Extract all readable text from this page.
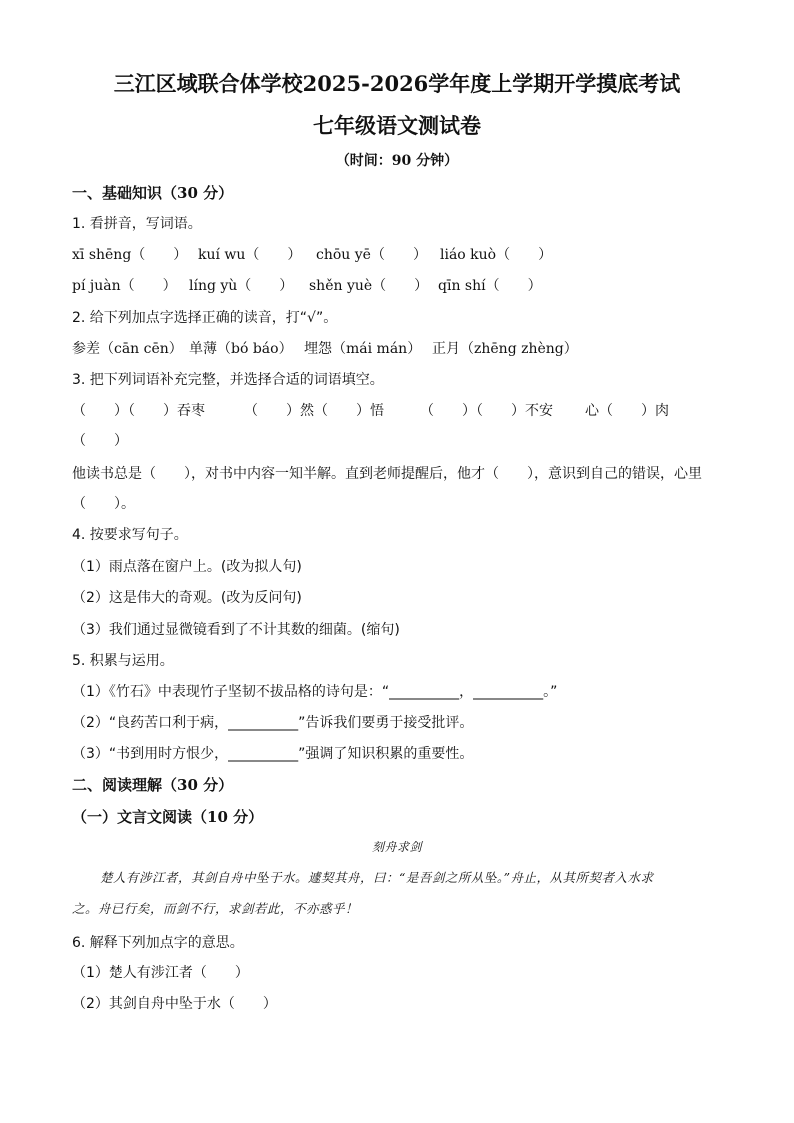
三江区域联合体学校2025-2026学年度上学期开学摸底考试
七年级语文测试卷
（时间：90 分钟）
一、基础知识（30 分）
1. 看拼音，写词语。
xī shēng（　　） kuí wu（　　） chōu yē（　　） liáo kuò（　　）
pí juàn（　　） líng yù（　　） shěn yuè（　　） qīn shí（　　）
2. 给下列加点字选择正确的读音，打“√”。
参差（cān cēn） 单薄（bó báo） 埋怨（mái mán） 正月（zhēng zhèng）
3. 把下列词语补充完整，并选择合适的词语填空。
（　　）（　　）吞枣	（　　）然（　　）悟	（　　）（　　）不安 心（　　）肉
（　　）
他读书总是（　　），对书中内容一知半解。直到老师提醒后，他才（　　），意识到自己的错误，心里
（　　）。
4. 按要求写句子。
（1）雨点落在窗户上。(改为拟人句)
（2）这是伟大的奇观。(改为反问句)
（3）我们通过显微镜看到了不计其数的细菌。(缩句)
5. 积累与运用。
（1）《竹石》中表现竹子坚韧不拔品格的诗句是：“__________，__________。”
（2）“良药苦口利于病，__________”告诉我们要勇于接受批评。
（3）“书到用时方恨少，__________”强调了知识积累的重要性。
二、阅读理解（30 分）
（一）文言文阅读（10 分）
刻舟求剑
楚人有涉江者，其剑自舟中坠于水。遽契其舟，曰：“是吾剑之所从坠。”舟止，从其所契者入水求
之。舟已行矣，而剑不行，求剑若此，不亦惑乎！
6. 解释下列加点字的意思。
（1）楚人有涉江者（　　）
（2）其剑自舟中坠于水（　　）
